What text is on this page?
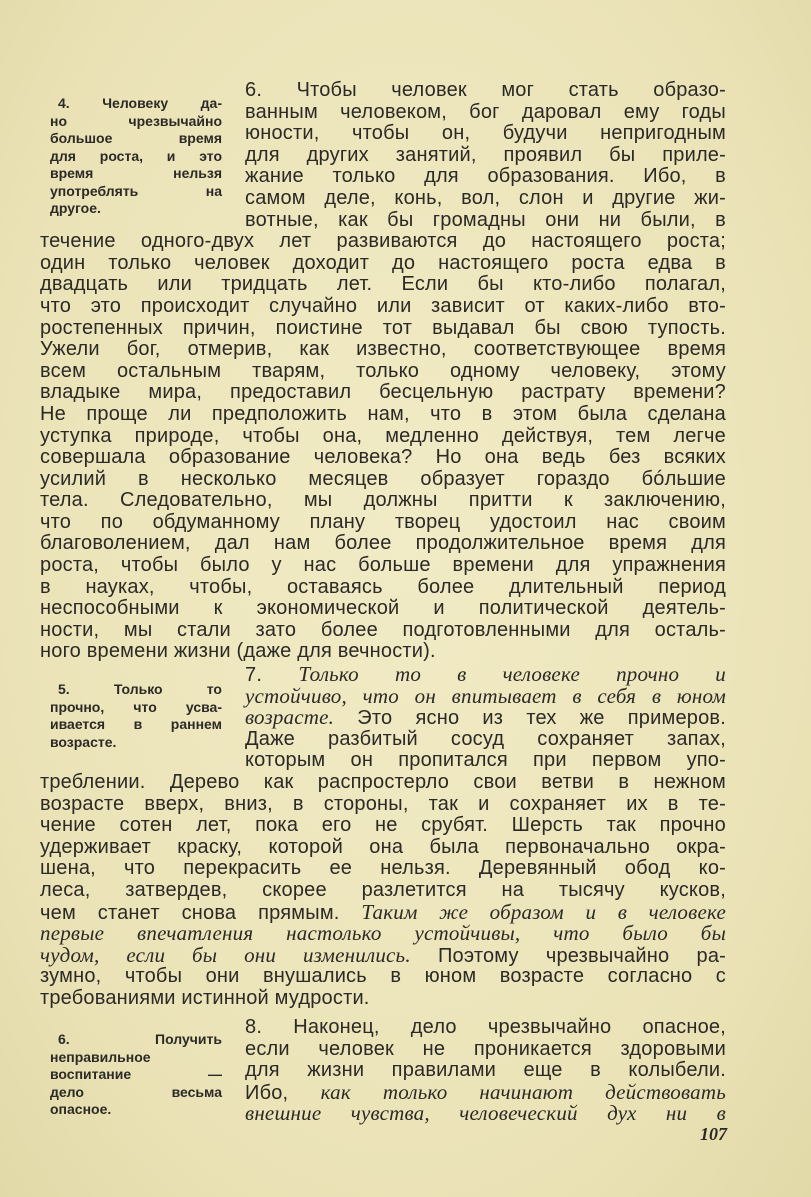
4. Человеку да-
но чрезвычайно
большое время
для роста, и это
время нельзя
употреблять на
другое.
5. Только то
прочно, что усва-
ивается в раннем
возрасте.
6. Получить
неправильное
воспитание —
дело весьма
опасное.
6. Чтобы человек мог стать образо-
ванным человеком, бог даровал ему годы
юности, чтобы он, будучи непригодным
для других занятий, проявил бы приле-
жание только для образования. Ибо, в
самом деле, конь, вол, слон и другие жи-
вотные, как бы громадны они ни были, в
течение одного-двух лет развиваются до настоящего роста;
один только человек доходит до настоящего роста едва в
двадцать или тридцать лет. Если бы кто-либо полагал,
что это происходит случайно или зависит от каких-либо вто-
ростепенных причин, поистине тот выдавал бы свою тупость.
Ужели бог, отмерив, как известно, соответствующее время
всем остальным тварям, только одному человеку, этому
владыке мира, предоставил бесцельную растрату времени?
Не проще ли предположить нам, что в этом была сделана
уступка природе, чтобы она, медленно действуя, тем легче
совершала образование человека? Но она ведь без всяких
усилий в несколько месяцев образует гораздо бóльшие
тела. Следовательно, мы должны притти к заключению,
что по обдуманному плану творец удостоил нас своим
благоволением, дал нам более продолжительное время для
роста, чтобы было у нас больше времени для упражнения
в науках, чтобы, оставаясь более длительный период
неспособными к экономической и политической деятель-
ности, мы стали зато более подготовленными для осталь-
ного времени жизни (даже для вечности).
7. Только то в человеке прочно и
устойчиво, что он впитывает в себя в юном
возрасте. Это ясно из тех же примеров.
Даже разбитый сосуд сохраняет запах,
которым он пропитался при первом упо-
треблении. Дерево как распростерло свои ветви в нежном
возрасте вверх, вниз, в стороны, так и сохраняет их в те-
чение сотен лет, пока его не срубят. Шерсть так прочно
удерживает краску, которой она была первоначально окра-
шена, что перекрасить ее нельзя. Деревянный обод ко-
леса, затвердев, скорее разлетится на тысячу кусков,
чем станет снова прямым. Таким же образом и в человеке
первые впечатления настолько устойчивы, что было бы
чудом, если бы они изменились. Поэтому чрезвычайно ра-
зумно, чтобы они внушались в юном возрасте согласно с
требованиями истинной мудрости.
8. Наконец, дело чрезвычайно опасное,
если человек не проникается здоровыми
для жизни правилами еще в колыбели.
Ибо, как только начинают действовать
внешние чувства, человеческий дух ни в
107
